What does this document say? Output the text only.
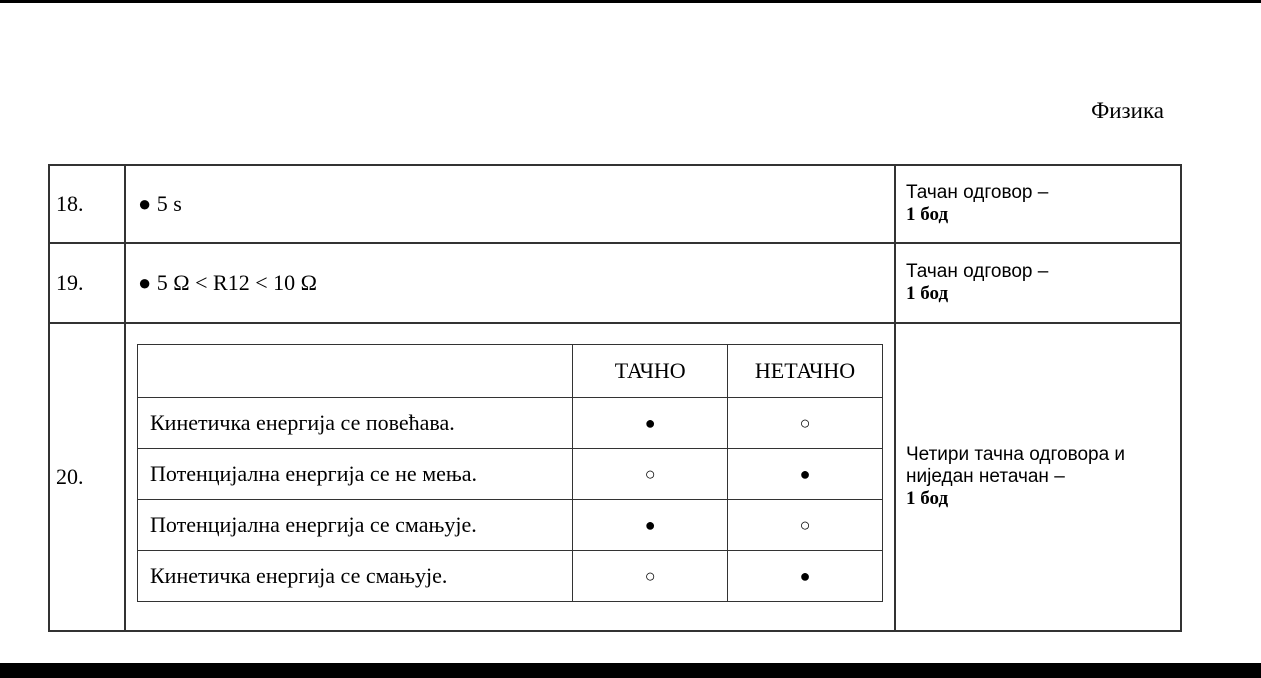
Физика
18.	● 5 s	Тачан одговор –
1 бод

19.	● 5 Ω < R12 < 10 Ω	Тачан одговор –
1 бод

20.	
	ТАЧНО	НЕТАЧНО
Кинетичка енергија се повећава.	●	○
Потенцијална енергија се не мења.	○	●
Потенцијална енергија се смањује.	●	○
Кинетичка енергија се смањује.	○	●

Четири тачна одговора и ниједан нетачан –
1 бод
